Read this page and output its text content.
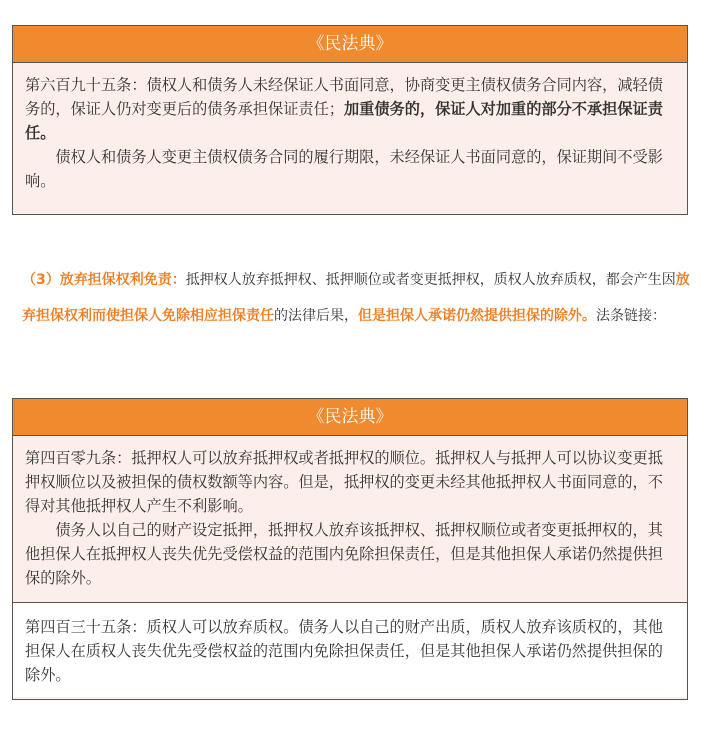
《民法典》

第六百九十五条：债权人和债务人未经保证人书面同意，协商变更主债权债务合同内容，减轻债务的，保证人仍对变更后的债务承担保证责任；加重债务的，保证人对加重的部分不承担保证责任。

债权人和债务人变更主债权债务合同的履行期限，未经保证人书面同意的，保证期间不受影响。

（3）放弃担保权利免责：抵押权人放弃抵押权、抵押顺位或者变更抵押权，质权人放弃质权，都会产生因放弃担保权利而使担保人免除相应担保责任的法律后果，但是担保人承诺仍然提供担保的除外。法条链接：

《民法典》

第四百零九条：抵押权人可以放弃抵押权或者抵押权的顺位。抵押权人与抵押人可以协议变更抵押权顺位以及被担保的债权数额等内容。但是，抵押权的变更未经其他抵押权人书面同意的，不得对其他抵押权人产生不利影响。

债务人以自己的财产设定抵押，抵押权人放弃该抵押权、抵押权顺位或者变更抵押权的，其他担保人在抵押权人丧失优先受偿权益的范围内免除担保责任，但是其他担保人承诺仍然提供担保的除外。

第四百三十五条：质权人可以放弃质权。债务人以自己的财产出质，质权人放弃该质权的，其他担保人在质权人丧失优先受偿权益的范围内免除担保责任，但是其他担保人承诺仍然提供担保的除外。
